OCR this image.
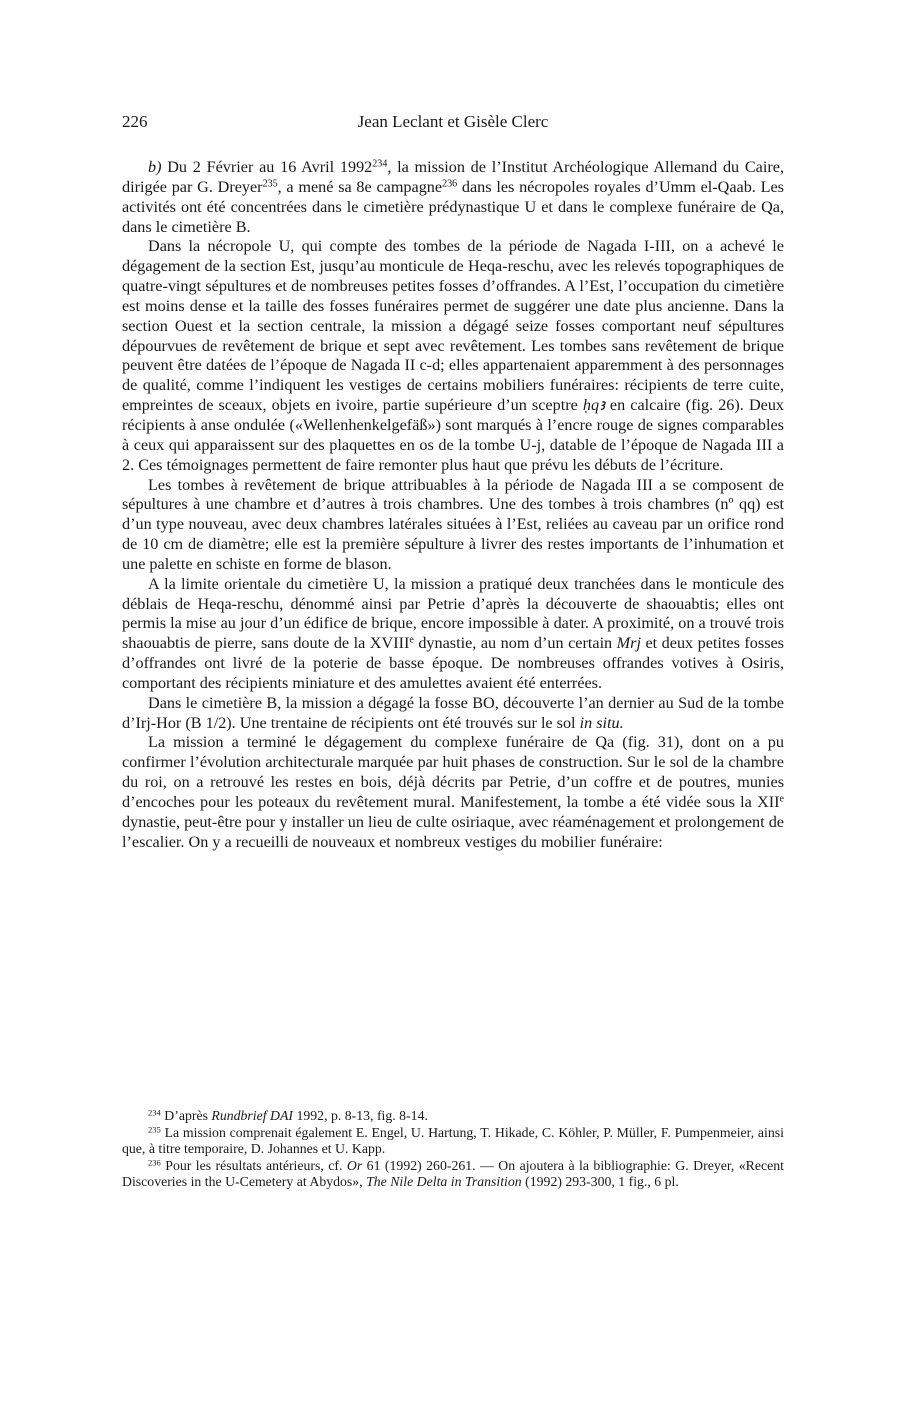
226	Jean Leclant et Gisèle Clerc

b) Du 2 Février au 16 Avril 1992$^{234}$, la mission de l’Institut Archéologique Allemand du Caire, dirigée par G. Dreyer$^{235}$, a mené sa 8e campagne$^{236}$ dans les nécropoles royales d’Umm el-Qaab. Les activités ont été concentrées dans le cimetière prédynastique U et dans le complexe funéraire de Qa, dans le cimetière B.

Dans la nécropole U, qui compte des tombes de la période de Nagada I-III, on a achevé le dégagement de la section Est, jusqu’au monticule de Heqa-reschu, avec les relevés topographiques de quatre-vingt sépultures et de nombreuses petites fosses d’offrandes. A l’Est, l’occupation du cimetière est moins dense et la taille des fosses funéraires permet de suggérer une date plus ancienne. Dans la section Ouest et la section centrale, la mission a dégagé seize fosses comportant neuf sépultures dépourvues de revêtement de brique et sept avec revêtement. Les tombes sans revêtement de brique peuvent être datées de l’époque de Nagada II c-d; elles appartenaient apparemment à des personnages de qualité, comme l’indiquent les vestiges de certains mobiliers funéraires: récipients de terre cuite, empreintes de sceaux, objets en ivoire, partie supérieure d’un sceptre ḥqꜣ en calcaire (fig. 26). Deux récipients à anse ondulée («Wellenhenkelgefäß») sont marqués à l’encre rouge de signes comparables à ceux qui apparaissent sur des plaquettes en os de la tombe U-j, datable de l’époque de Nagada III a 2. Ces témoignages permettent de faire remonter plus haut que prévu les débuts de l’écriture.

Les tombes à revêtement de brique attribuables à la période de Nagada III a se composent de sépultures à une chambre et d’autres à trois chambres. Une des tombes à trois chambres (nº qq) est d’un type nouveau, avec deux chambres latérales situées à l’Est, reliées au caveau par un orifice rond de 10 cm de diamètre; elle est la première sépulture à livrer des restes importants de l’inhumation et une palette en schiste en forme de blason.

A la limite orientale du cimetière U, la mission a pratiqué deux tranchées dans le monticule des déblais de Heqa-reschu, dénommé ainsi par Petrie d’après la découverte de shaouabtis; elles ont permis la mise au jour d’un édifice de brique, encore impossible à dater. A proximité, on a trouvé trois shaouabtis de pierre, sans doute de la XVIIIe dynastie, au nom d’un certain Mrj et deux petites fosses d’offrandes ont livré de la poterie de basse époque. De nombreuses offrandes votives à Osiris, comportant des récipients miniature et des amulettes avaient été enterrées.

Dans le cimetière B, la mission a dégagé la fosse BO, découverte l’an dernier au Sud de la tombe d’Irj-Hor (B 1/2). Une trentaine de récipients ont été trouvés sur le sol in situ.

La mission a terminé le dégagement du complexe funéraire de Qa (fig. 31), dont on a pu confirmer l’évolution architecturale marquée par huit phases de construction. Sur le sol de la chambre du roi, on a retrouvé les restes en bois, déjà décrits par Petrie, d’un coffre et de poutres, munies d’encoches pour les poteaux du revêtement mural. Manifestement, la tombe a été vidée sous la XIIe dynastie, peut-être pour y installer un lieu de culte osiriaque, avec réaménagement et prolongement de l’escalier. On y a recueilli de nouveaux et nombreux vestiges du mobilier funéraire:

$^{234}$ D’après Rundbrief DAI 1992, p. 8-13, fig. 8-14.

$^{235}$ La mission comprenait également E. Engel, U. Hartung, T. Hikade, C. Köhler, P. Müller, F. Pumpenmeier, ainsi que, à titre temporaire, D. Johannes et U. Kapp.

$^{236}$ Pour les résultats antérieurs, cf. Or 61 (1992) 260-261. — On ajoutera à la bibliographie: G. Dreyer, «Recent Discoveries in the U-Cemetery at Abydos», The Nile Delta in Transition (1992) 293-300, 1 fig., 6 pl.
